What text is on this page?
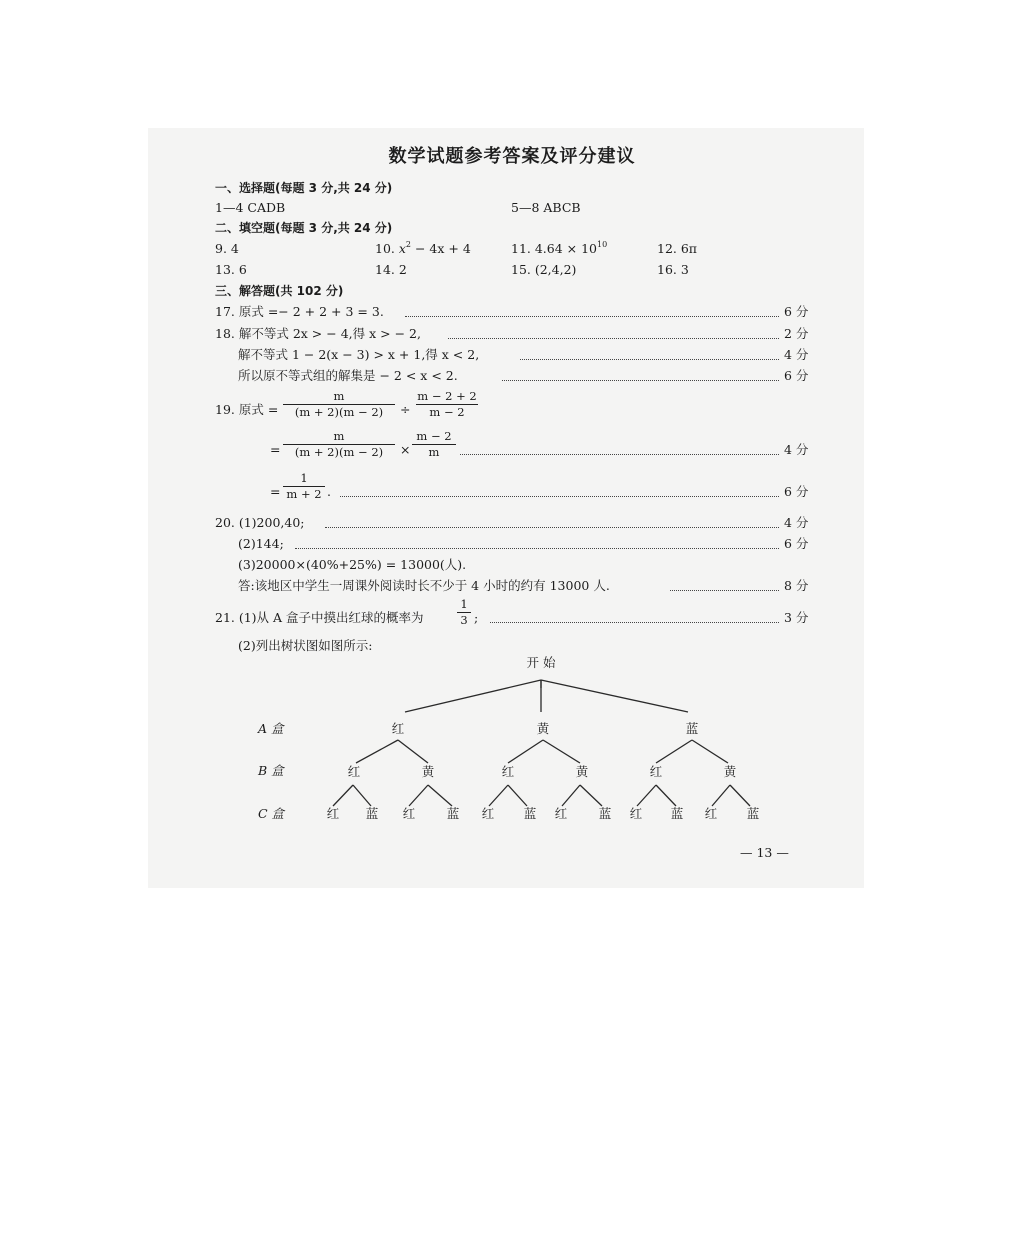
数学试题参考答案及评分建议
一、选择题(每题 3 分,共 24 分)
1—4 CADB	5—8 ABCB
二、填空题(每题 3 分,共 24 分)
9. 4	10. $x^2 - 4x + 4$	11. $4.64 \times 10^{10}$	12. 6π
13. 6	14. 2	15. (2,4,2)	16. 3
三、解答题(共 102 分)
17. 原式 =− 2 + 2 + 3 = 3.	6 分
18. 解不等式 2x > − 4,得 x > − 2,	2 分
解不等式 1 − 2(x − 3) > x + 1,得 x < 2,	4 分
所以原不等式组的解集是 − 2 < x < 2.	6 分
19. 原式 = $\frac{m}{(m + 2)(m - 2)} \div \frac{m - 2 + 2}{m - 2}$
= $\frac{m}{(m + 2)(m - 2)} \times \frac{m - 2}{m}$	4 分
= $\frac{1}{m + 2}$ .	6 分
20. (1)200,40;	4 分
(2)144;	6 分
(3)20000×(40%+25%) = 13000(人).
答:该地区中学生一周课外阅读时长不少于 4 小时的约有 13000 人.	8 分
21. (1)从 A 盒子中摸出红球的概率为	$\frac{1}{3}$ ;	3 分
(2)列出树状图如图所示:
开 始
A 盒
B 盒
C 盒
红	黄	蓝
红	黄	红	黄	红	黄
红 蓝 红	蓝 红 蓝 红	蓝 红 蓝 红 蓝
— 13 —
